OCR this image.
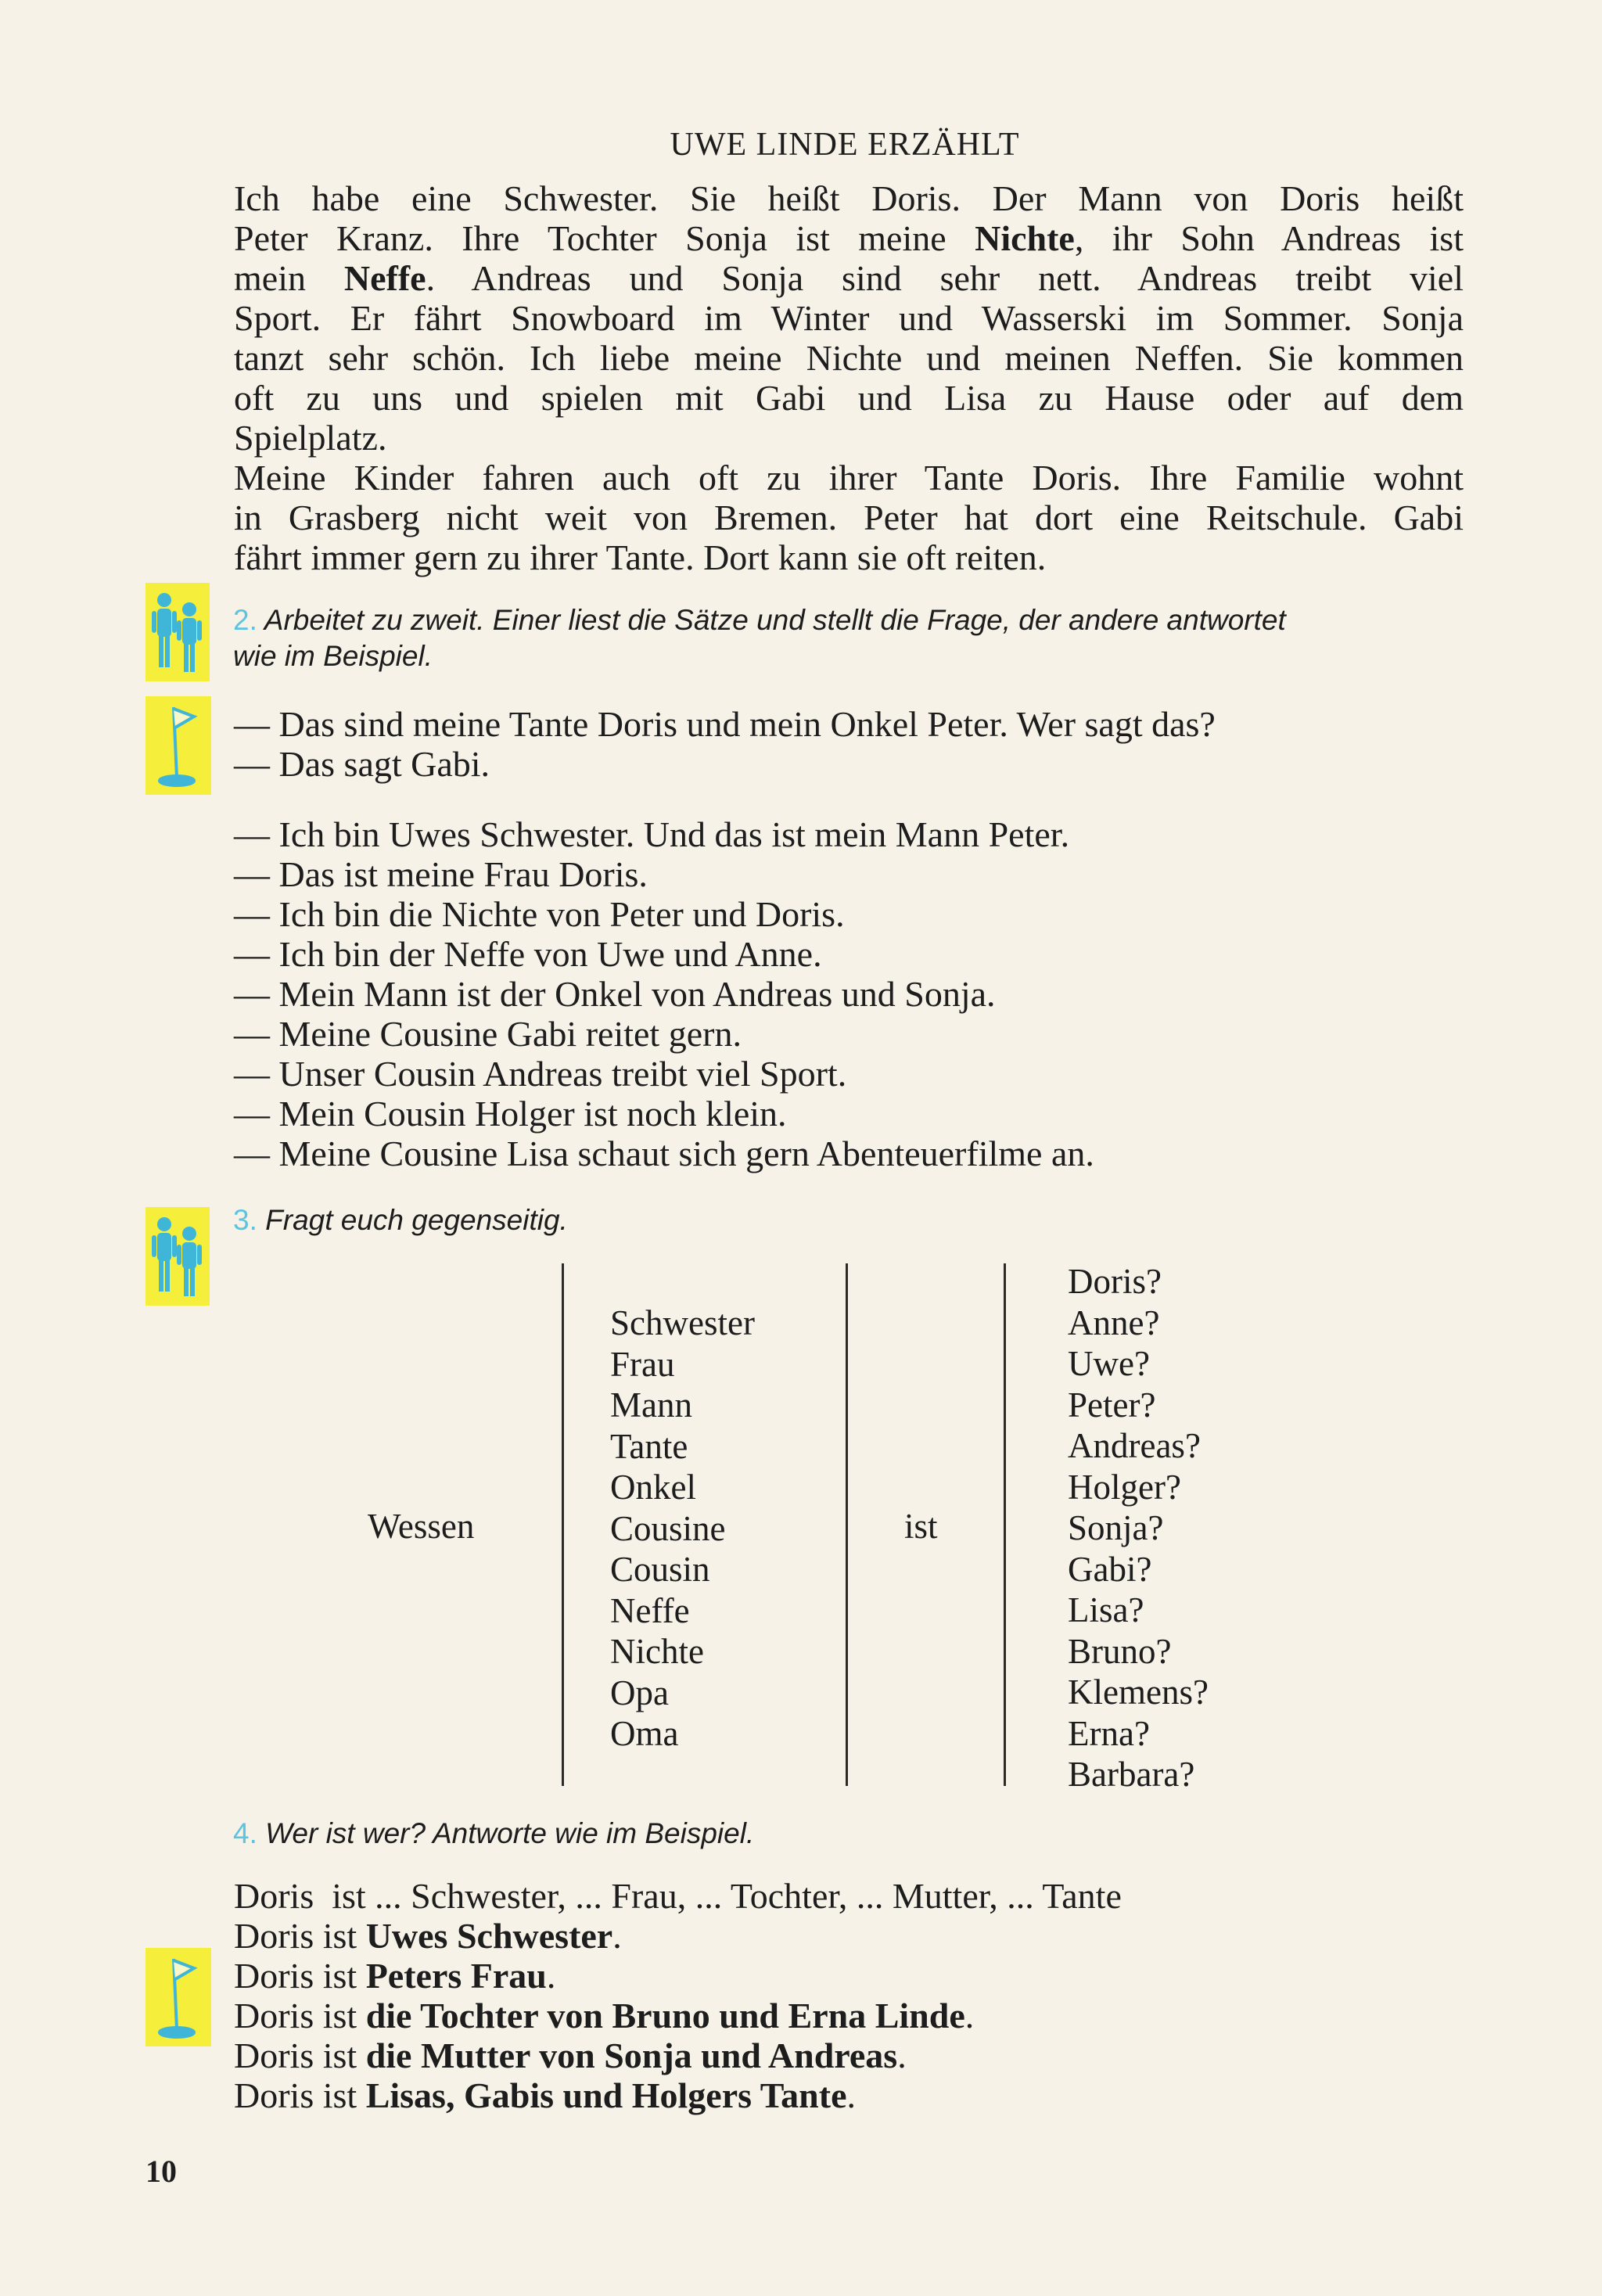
UWE LINDE ERZÄHLT
Ich habe eine Schwester. Sie heißt Doris. Der Mann von Doris heißt
Peter Kranz. Ihre Tochter Sonja ist meine Nichte, ihr Sohn Andreas ist
mein Neffe. Andreas und Sonja sind sehr nett. Andreas treibt viel
Sport. Er fährt Snowboard im Winter und Wasserski im Sommer. Sonja
tanzt sehr schön. Ich liebe meine Nichte und meinen Neffen. Sie kommen
oft zu uns und spielen mit Gabi und Lisa zu Hause oder auf dem
Spielplatz.
Meine Kinder fahren auch oft zu ihrer Tante Doris. Ihre Familie wohnt
in Grasberg nicht weit von Bremen. Peter hat dort eine Reitschule. Gabi
fährt immer gern zu ihrer Tante. Dort kann sie oft reiten.
2. Arbeitet zu zweit. Einer liest die Sätze und stellt die Frage, der andere antwortet
wie im Beispiel.
— Das sind meine Tante Doris und mein Onkel Peter. Wer sagt das?
— Das sagt Gabi.
— Ich bin Uwes Schwester. Und das ist mein Mann Peter.
— Das ist meine Frau Doris.
— Ich bin die Nichte von Peter und Doris.
— Ich bin der Neffe von Uwe und Anne.
— Mein Mann ist der Onkel von Andreas und Sonja.
— Meine Cousine Gabi reitet gern.
— Unser Cousin Andreas treibt viel Sport.
— Mein Cousin Holger ist noch klein.
— Meine Cousine Lisa schaut sich gern Abenteuerfilme an.
3. Fragt euch gegenseitig.
Wessen
Schwester
Frau
Mann
Tante
Onkel
Cousine
Cousin
Neffe
Nichte
Opa
Oma
ist
Doris?
Anne?
Uwe?
Peter?
Andreas?
Holger?
Sonja?
Gabi?
Lisa?
Bruno?
Klemens?
Erna?
Barbara?
4. Wer ist wer? Antworte wie im Beispiel.
Doris  ist ... Schwester, ... Frau, ... Tochter, ... Mutter, ... Tante
Doris ist Uwes Schwester.
Doris ist Peters Frau.
Doris ist die Tochter von Bruno und Erna Linde.
Doris ist die Mutter von Sonja und Andreas.
Doris ist Lisas, Gabis und Holgers Tante.
10
